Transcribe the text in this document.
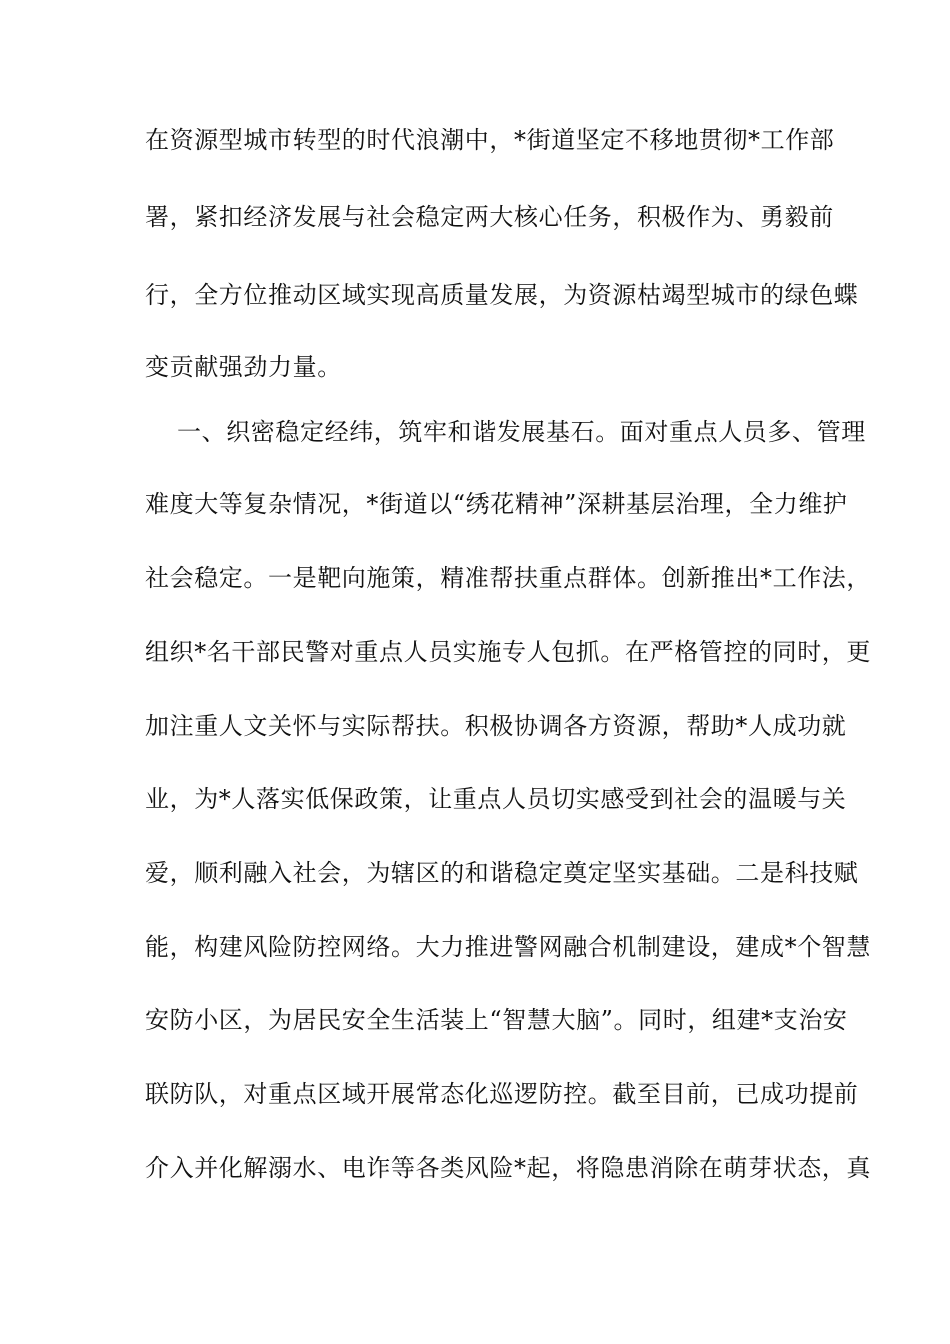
在资源型城市转型的时代浪潮中，*街道坚定不移地贯彻*工作部
署，紧扣经济发展与社会稳定两大核心任务，积极作为、勇毅前
行，全方位推动区域实现高质量发展，为资源枯竭型城市的绿色蝶
变贡献强劲力量。
一、织密稳定经纬，筑牢和谐发展基石。面对重点人员多、管理
难度大等复杂情况，*街道以“绣花精神”深耕基层治理，全力维护
社会稳定。一是靶向施策，精准帮扶重点群体。创新推出*工作法，
组织*名干部民警对重点人员实施专人包抓。在严格管控的同时，更
加注重人文关怀与实际帮扶。积极协调各方资源，帮助*人成功就
业，为*人落实低保政策，让重点人员切实感受到社会的温暖与关
爱，顺利融入社会，为辖区的和谐稳定奠定坚实基础。二是科技赋
能，构建风险防控网络。大力推进警网融合机制建设，建成*个智慧
安防小区，为居民安全生活装上“智慧大脑”。同时，组建*支治安
联防队，对重点区域开展常态化巡逻防控。截至目前，已成功提前
介入并化解溺水、电诈等各类风险*起，将隐患消除在萌芽状态，真
